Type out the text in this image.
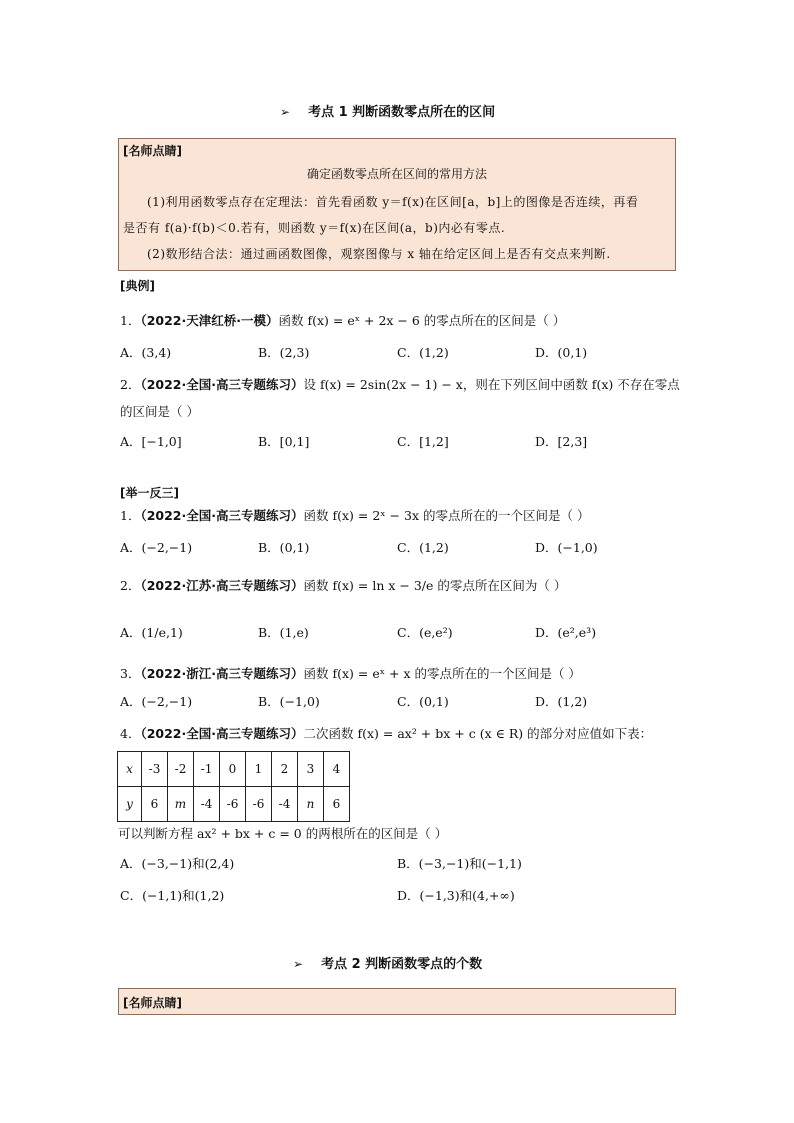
➢ 考点 1 判断函数零点所在的区间
[名师点睛]
确定函数零点所在区间的常用方法
(1)利用函数零点存在定理法：首先看函数 y＝f(x)在区间[a，b]上的图像是否连续，再看
是否有 f(a)·f(b)＜0.若有，则函数 y＝f(x)在区间(a，b)内必有零点.
(2)数形结合法：通过画函数图像，观察图像与 x 轴在给定区间上是否有交点来判断.
[典例]
1．（2022·天津红桥·一模）函数 f(x) = eˣ + 2x − 6 的零点所在的区间是（ ）
A．(3,4)	B．(2,3)	C．(1,2)	D．(0,1)
2．（2022·全国·高三专题练习）设 f(x) = 2sin(2x − 1) − x，则在下列区间中函数 f(x) 不存在零点
的区间是（ ）
A．[−1,0]	B．[0,1]	C．[1,2]	D．[2,3]
[举一反三]
1．（2022·全国·高三专题练习）函数 f(x) = 2ˣ − 3x 的零点所在的一个区间是（ ）
A．(−2,−1)	B．(0,1)	C．(1,2)	D．(−1,0)
2．（2022·江苏·高三专题练习）函数 f(x) = ln x − 3/e 的零点所在区间为（ ）
A．(1/e,1)	B．(1,e)	C．(e,e²)	D．(e²,e³)
3．（2022·浙江·高三专题练习）函数 f(x) = eˣ + x 的零点所在的一个区间是（ ）
A．(−2,−1)	B．(−1,0)	C．(0,1)	D．(1,2)
4．（2022·全国·高三专题练习）二次函数 f(x) = ax² + bx + c (x ∈ R) 的部分对应值如下表：
x	-3	-2	-1	0	1	2	3	4
y	6	m	-4	-6	-6	-4	n	6
可以判断方程 ax² + bx + c = 0 的两根所在的区间是（ ）
A．(−3,−1)和(2,4)	B．(−3,−1)和(−1,1)
C．(−1,1)和(1,2)	D．(−1,3)和(4,+∞)
➢ 考点 2 判断函数零点的个数
[名师点睛]
